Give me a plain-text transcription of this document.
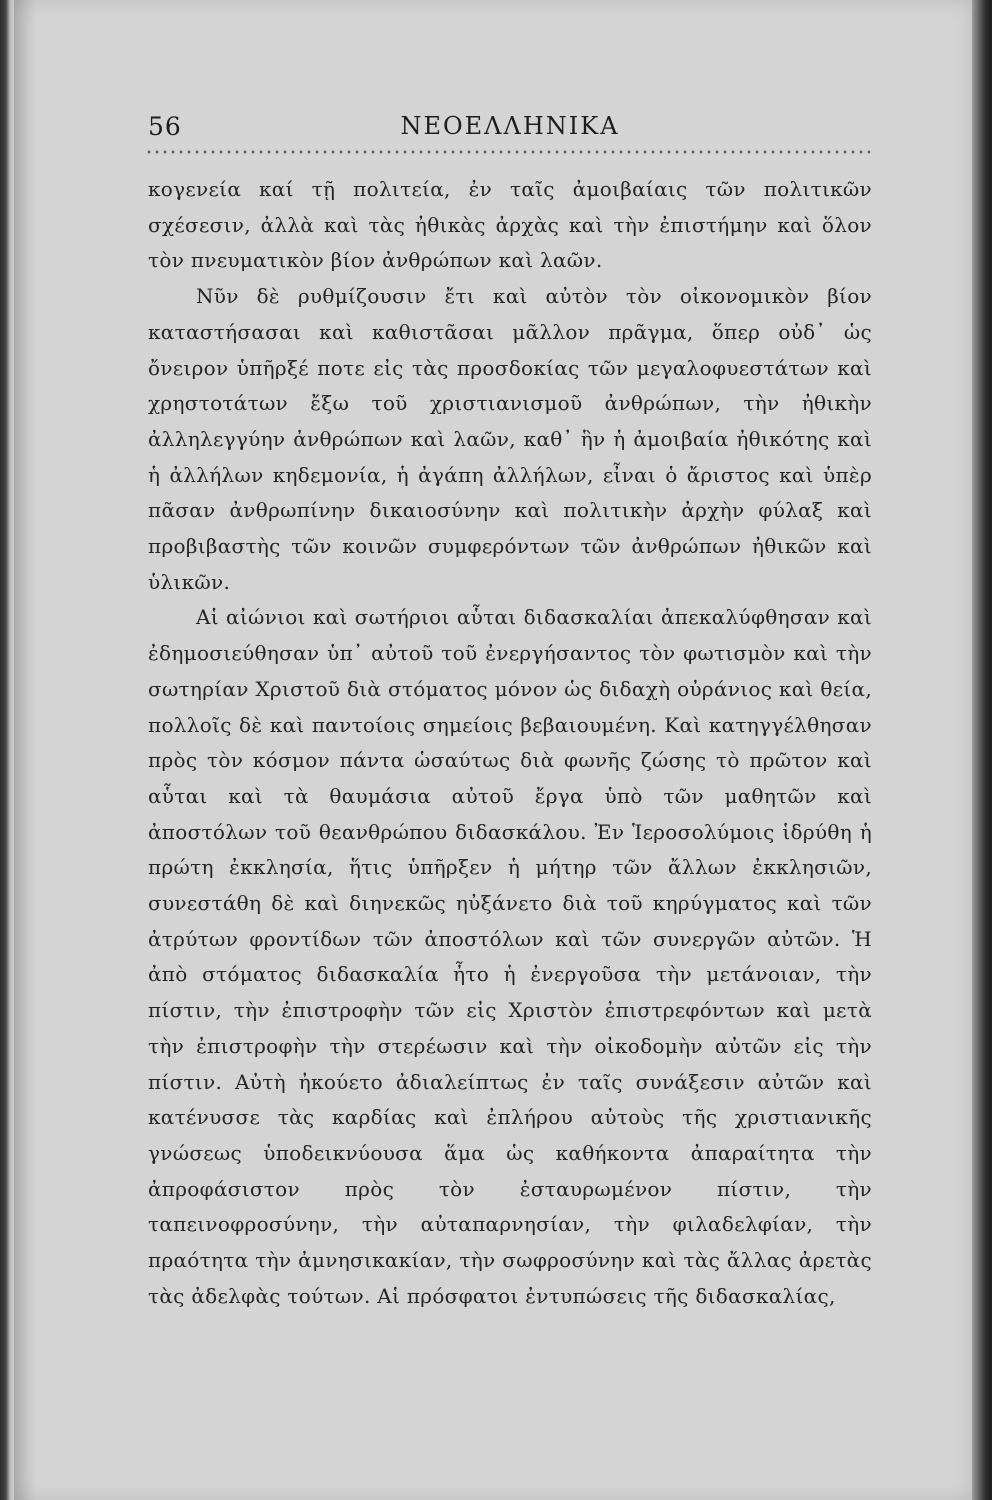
56	ΝΕΟΕΛΛΗΝΙΚΑ

κογενεία καί τῇ πολιτεία, ἐν ταῖς ἀμοιβαίαις τῶν πολιτικῶν σχέσεσιν, ἀλλὰ καὶ τὰς ἠθικὰς ἀρχὰς καὶ τὴν ἐπιστήμην καὶ ὅλον τὸν πνευματικὸν βίον ἀνθρώπων καὶ λαῶν.

Νῦν δὲ ρυθμίζουσιν ἔτι καὶ αὐτὸν τὸν οἰκονομικὸν βίον καταστήσασαι καὶ καθιστᾶσαι μᾶλλον πρᾶγμα, ὅπερ οὐδ᾽ ὡς ὄνειρον ὑπῆρξέ ποτε εἰς τὰς προσδοκίας τῶν μεγαλοφυεστάτων καὶ χρηστοτάτων ἔξω τοῦ χριστιανισμοῦ ἀνθρώπων, τὴν ἠθικὴν ἀλληλεγγύην ἀνθρώπων καὶ λαῶν, καθ᾽ ἣν ἡ ἀμοιβαία ἠθικότης καὶ ἡ ἀλλήλων κηδεμονία, ἡ ἀγάπη ἀλλήλων, εἶναι ὁ ἄριστος καὶ ὑπὲρ πᾶσαν ἀνθρωπίνην δικαιοσύνην καὶ πολιτικὴν ἀρχὴν φύλαξ καὶ προβιβαστὴς τῶν κοινῶν συμφερόντων τῶν ἀνθρώπων ἠθικῶν καὶ ὑλικῶν.

Αἱ αἰώνιοι καὶ σωτήριοι αὗται διδασκαλίαι ἀπεκαλύφθησαν καὶ ἐδημοσιεύθησαν ὑπ᾽ αὐτοῦ τοῦ ἐνεργήσαντος τὸν φωτισμὸν καὶ τὴν σωτηρίαν Χριστοῦ διὰ στόματος μόνον ὡς διδαχὴ οὐράνιος καὶ θεία, πολλοῖς δὲ καὶ παντοίοις σημείοις βεβαιουμένη. Καὶ κατηγγέλθησαν πρὸς τὸν κόσμον πάντα ὡσαύτως διὰ φωνῆς ζώσης τὸ πρῶτον καὶ αὗται καὶ τὰ θαυμάσια αὐτοῦ ἔργα ὑπὸ τῶν μαθητῶν καὶ ἀποστόλων τοῦ θεανθρώπου διδασκάλου. Ἐν Ἱεροσολύμοις ἱδρύθη ἡ πρώτη ἐκκλησία, ἥτις ὑπῆρξεν ἡ μήτηρ τῶν ἄλλων ἐκκλησιῶν, συνεστάθη δὲ καὶ διηνεκῶς ηὐξάνετο διὰ τοῦ κηρύγματος καὶ τῶν ἀτρύτων φροντίδων τῶν ἀποστόλων καὶ τῶν συνεργῶν αὐτῶν. Ἡ ἀπὸ στόματος διδασκαλία ἦτο ἡ ἐνεργοῦσα τὴν μετάνοιαν, τὴν πίστιν, τὴν ἐπιστροφὴν τῶν εἰς Χριστὸν ἐπιστρεφόντων καὶ μετὰ τὴν ἐπιστροφὴν τὴν στερέωσιν καὶ τὴν οἰκοδομὴν αὐτῶν εἰς τὴν πίστιν. Αὐτὴ ἠκούετο ἀδιαλείπτως ἐν ταῖς συνάξεσιν αὐτῶν καὶ κατένυσσε τὰς καρδίας καὶ ἐπλήρου αὐτοὺς τῆς χριστιανικῆς γνώσεως ὑποδεικνύουσα ἅμα ὡς καθήκοντα ἀπαραίτητα τὴν ἀπροφάσιστον πρὸς τὸν ἐσταυρωμένον πίστιν, τὴν ταπεινοφροσύνην, τὴν αὐταπαρνησίαν, τὴν φιλαδελφίαν, τὴν πραότητα τὴν ἀμνησικακίαν, τὴν σωφροσύνην καὶ τὰς ἄλλας ἀρετὰς τὰς ἀδελφὰς τούτων. Αἱ πρόσφατοι ἐντυπώσεις τῆς διδασκαλίας,
